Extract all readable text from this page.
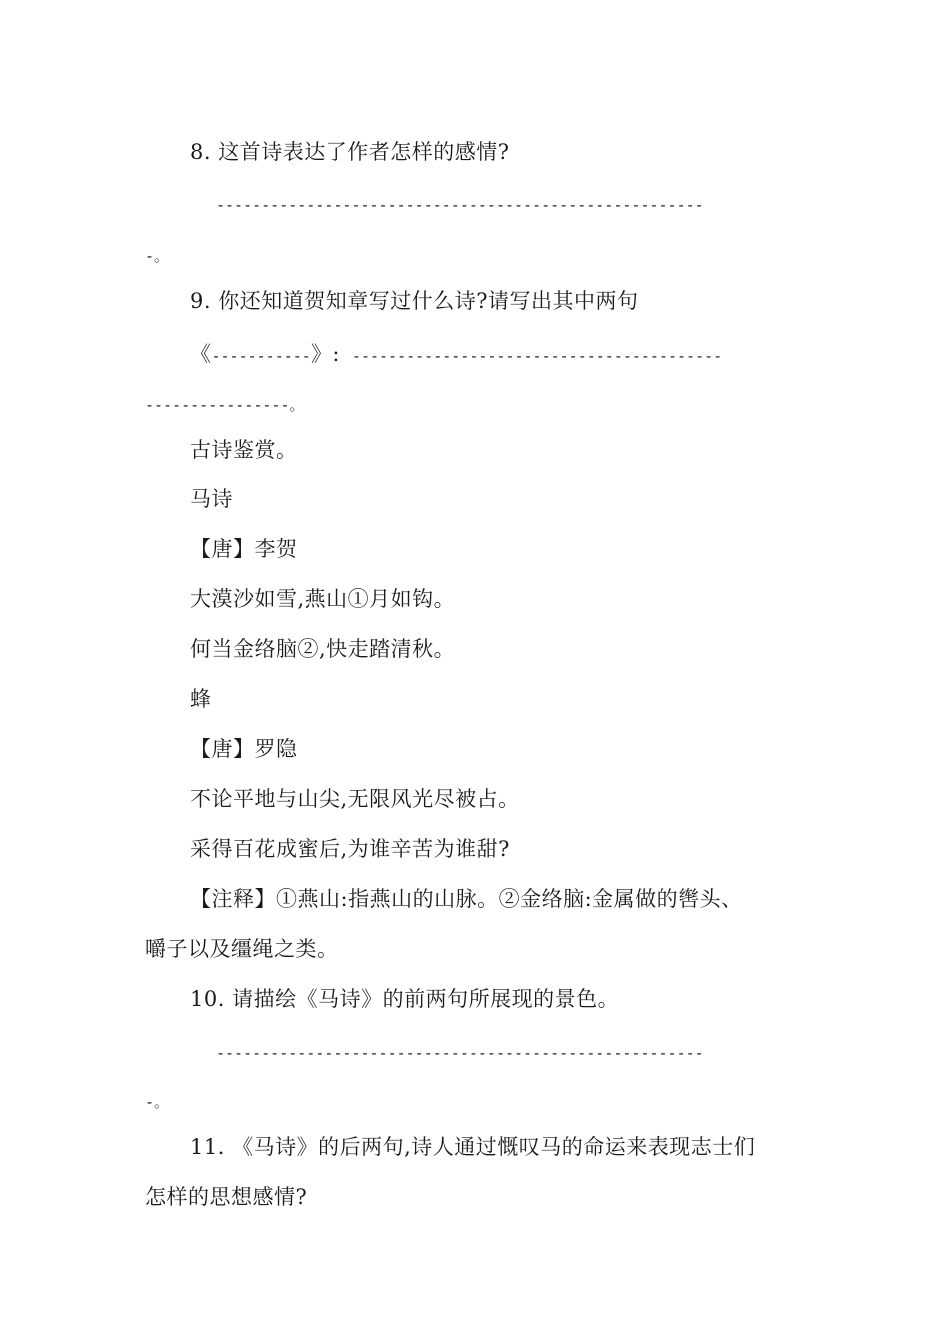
8. 这首诗表达了作者怎样的感情?
------------------------------------------------------
-。
9. 你还知道贺知章写过什么诗?请写出其中两句
《-----------》: -----------------------------------------
----------------。
古诗鉴赏。
马诗
【唐】李贺
大漠沙如雪,燕山①月如钩。
何当金络脑②,快走踏清秋。
蜂
【唐】罗隐
不论平地与山尖,无限风光尽被占。
采得百花成蜜后,为谁辛苦为谁甜?
【注释】①燕山:指燕山的山脉。②金络脑:金属做的辔头、
嚼子以及缰绳之类。
10. 请描绘《马诗》的前两句所展现的景色。
------------------------------------------------------
-。
11. 《马诗》的后两句,诗人通过慨叹马的命运来表现志士们
怎样的思想感情?
